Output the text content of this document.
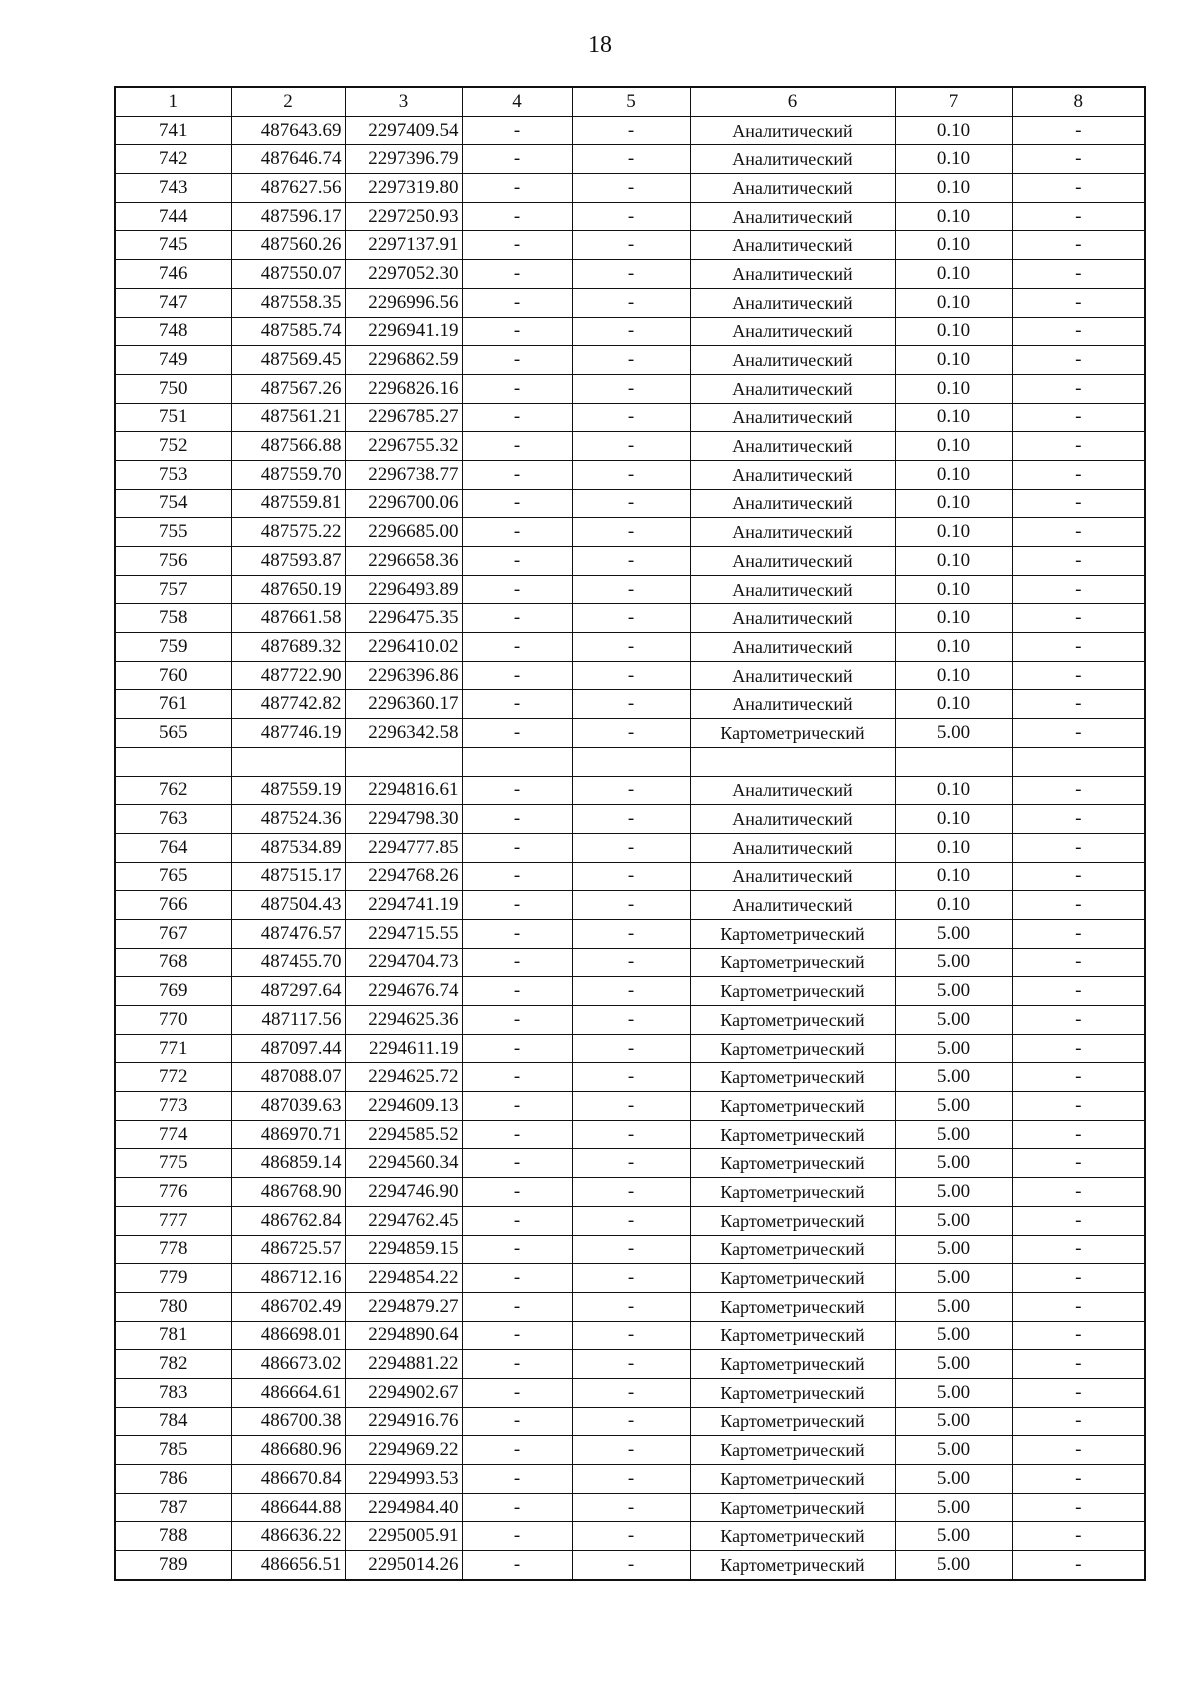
18
1	2	3	4	5	6	7	8
741	487643.69	2297409.54	-	-	Аналитический	0.10	-
742	487646.74	2297396.79	-	-	Аналитический	0.10	-
743	487627.56	2297319.80	-	-	Аналитический	0.10	-
744	487596.17	2297250.93	-	-	Аналитический	0.10	-
745	487560.26	2297137.91	-	-	Аналитический	0.10	-
746	487550.07	2297052.30	-	-	Аналитический	0.10	-
747	487558.35	2296996.56	-	-	Аналитический	0.10	-
748	487585.74	2296941.19	-	-	Аналитический	0.10	-
749	487569.45	2296862.59	-	-	Аналитический	0.10	-
750	487567.26	2296826.16	-	-	Аналитический	0.10	-
751	487561.21	2296785.27	-	-	Аналитический	0.10	-
752	487566.88	2296755.32	-	-	Аналитический	0.10	-
753	487559.70	2296738.77	-	-	Аналитический	0.10	-
754	487559.81	2296700.06	-	-	Аналитический	0.10	-
755	487575.22	2296685.00	-	-	Аналитический	0.10	-
756	487593.87	2296658.36	-	-	Аналитический	0.10	-
757	487650.19	2296493.89	-	-	Аналитический	0.10	-
758	487661.58	2296475.35	-	-	Аналитический	0.10	-
759	487689.32	2296410.02	-	-	Аналитический	0.10	-
760	487722.90	2296396.86	-	-	Аналитический	0.10	-
761	487742.82	2296360.17	-	-	Аналитический	0.10	-
565	487746.19	2296342.58	-	-	Картометрический	5.00	-

762	487559.19	2294816.61	-	-	Аналитический	0.10	-
763	487524.36	2294798.30	-	-	Аналитический	0.10	-
764	487534.89	2294777.85	-	-	Аналитический	0.10	-
765	487515.17	2294768.26	-	-	Аналитический	0.10	-
766	487504.43	2294741.19	-	-	Аналитический	0.10	-
767	487476.57	2294715.55	-	-	Картометрический	5.00	-
768	487455.70	2294704.73	-	-	Картометрический	5.00	-
769	487297.64	2294676.74	-	-	Картометрический	5.00	-
770	487117.56	2294625.36	-	-	Картометрический	5.00	-
771	487097.44	2294611.19	-	-	Картометрический	5.00	-
772	487088.07	2294625.72	-	-	Картометрический	5.00	-
773	487039.63	2294609.13	-	-	Картометрический	5.00	-
774	486970.71	2294585.52	-	-	Картометрический	5.00	-
775	486859.14	2294560.34	-	-	Картометрический	5.00	-
776	486768.90	2294746.90	-	-	Картометрический	5.00	-
777	486762.84	2294762.45	-	-	Картометрический	5.00	-
778	486725.57	2294859.15	-	-	Картометрический	5.00	-
779	486712.16	2294854.22	-	-	Картометрический	5.00	-
780	486702.49	2294879.27	-	-	Картометрический	5.00	-
781	486698.01	2294890.64	-	-	Картометрический	5.00	-
782	486673.02	2294881.22	-	-	Картометрический	5.00	-
783	486664.61	2294902.67	-	-	Картометрический	5.00	-
784	486700.38	2294916.76	-	-	Картометрический	5.00	-
785	486680.96	2294969.22	-	-	Картометрический	5.00	-
786	486670.84	2294993.53	-	-	Картометрический	5.00	-
787	486644.88	2294984.40	-	-	Картометрический	5.00	-
788	486636.22	2295005.91	-	-	Картометрический	5.00	-
789	486656.51	2295014.26	-	-	Картометрический	5.00	-
